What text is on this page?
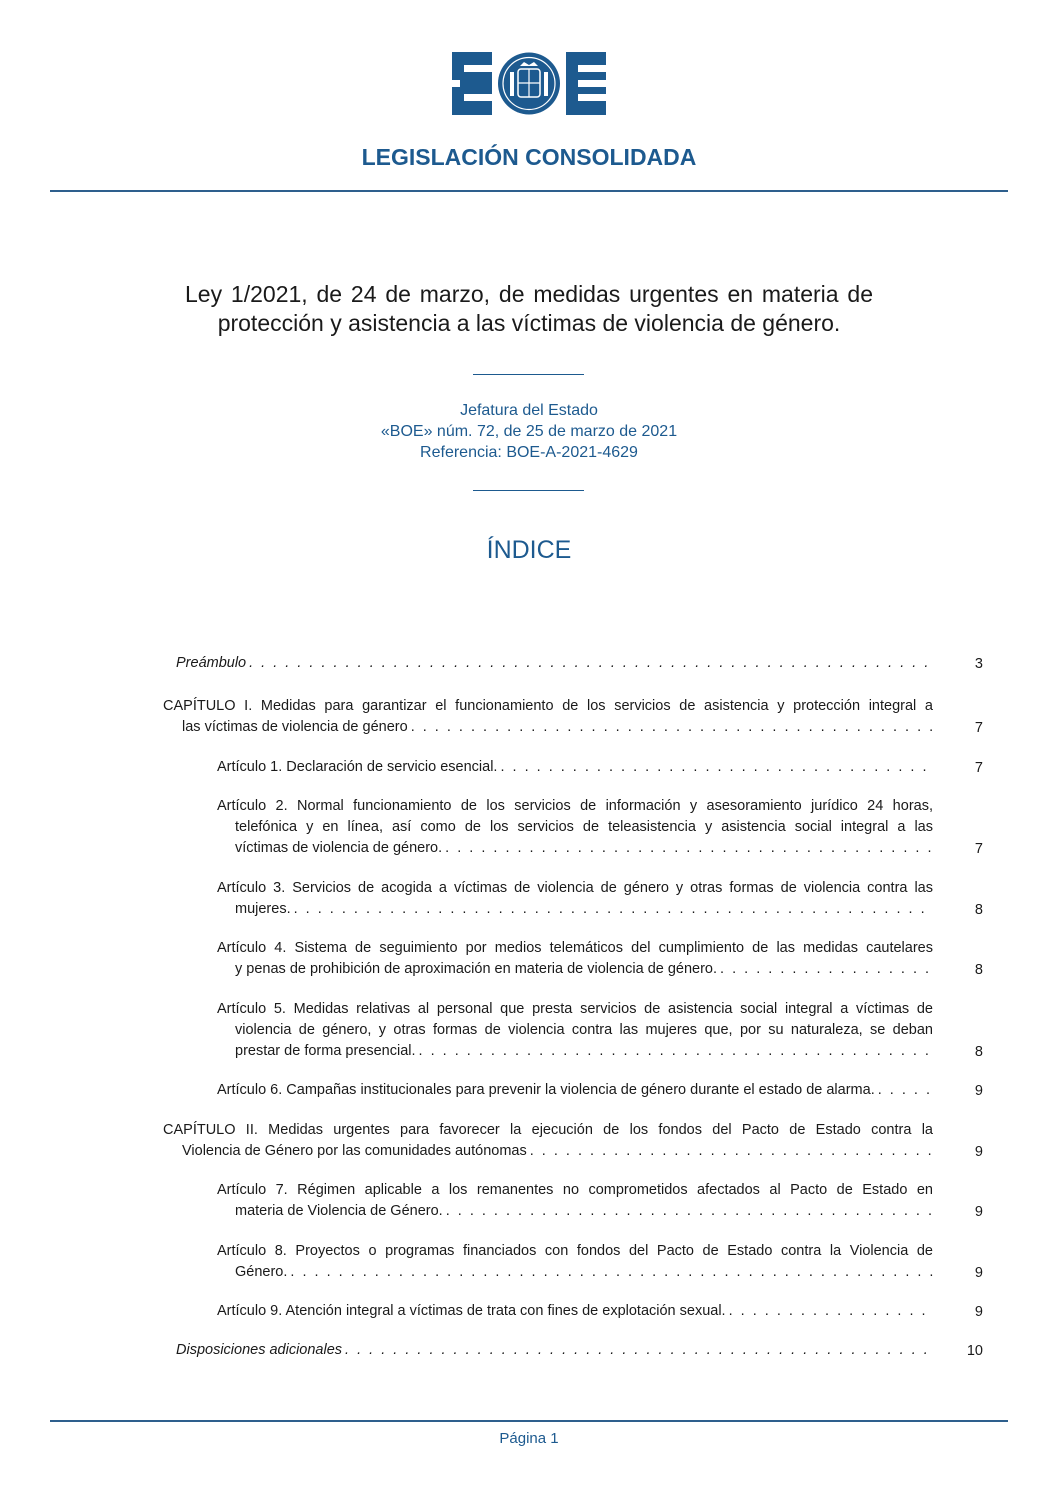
LEGISLACIÓN CONSOLIDADA
Ley 1/2021, de 24 de marzo, de medidas urgentes en materia de protección y asistencia a las víctimas de violencia de género.
Jefatura del Estado
«BOE» núm. 72, de 25 de marzo de 2021
Referencia: BOE-A-2021-4629
ÍNDICE
Preámbulo . . .	3
CAPÍTULO I. Medidas para garantizar el funcionamiento de los servicios de asistencia y protección integral a
las víctimas de violencia de género . . .	7
Artículo 1. Declaración de servicio esencial. . . .	7
Artículo 2. Normal funcionamiento de los servicios de información y asesoramiento jurídico 24 horas,
telefónica y en línea, así como de los servicios de teleasistencia y asistencia social integral a las
víctimas de violencia de género. . . .	7
Artículo 3. Servicios de acogida a víctimas de violencia de género y otras formas de violencia contra las
mujeres. . . .	8
Artículo 4. Sistema de seguimiento por medios telemáticos del cumplimiento de las medidas cautelares
y penas de prohibición de aproximación en materia de violencia de género. . . .	8
Artículo 5. Medidas relativas al personal que presta servicios de asistencia social integral a víctimas de
violencia de género, y otras formas de violencia contra las mujeres que, por su naturaleza, se deban
prestar de forma presencial. . . .	8
Artículo 6. Campañas institucionales para prevenir la violencia de género durante el estado de alarma. . . .	9
CAPÍTULO II. Medidas urgentes para favorecer la ejecución de los fondos del Pacto de Estado contra la
Violencia de Género por las comunidades autónomas . . .	9
Artículo 7. Régimen aplicable a los remanentes no comprometidos afectados al Pacto de Estado en
materia de Violencia de Género. . . .	9
Artículo 8. Proyectos o programas financiados con fondos del Pacto de Estado contra la Violencia de
Género. . . .	9
Artículo 9. Atención integral a víctimas de trata con fines de explotación sexual. . . .	9
Disposiciones adicionales . . .	10
Página 1
